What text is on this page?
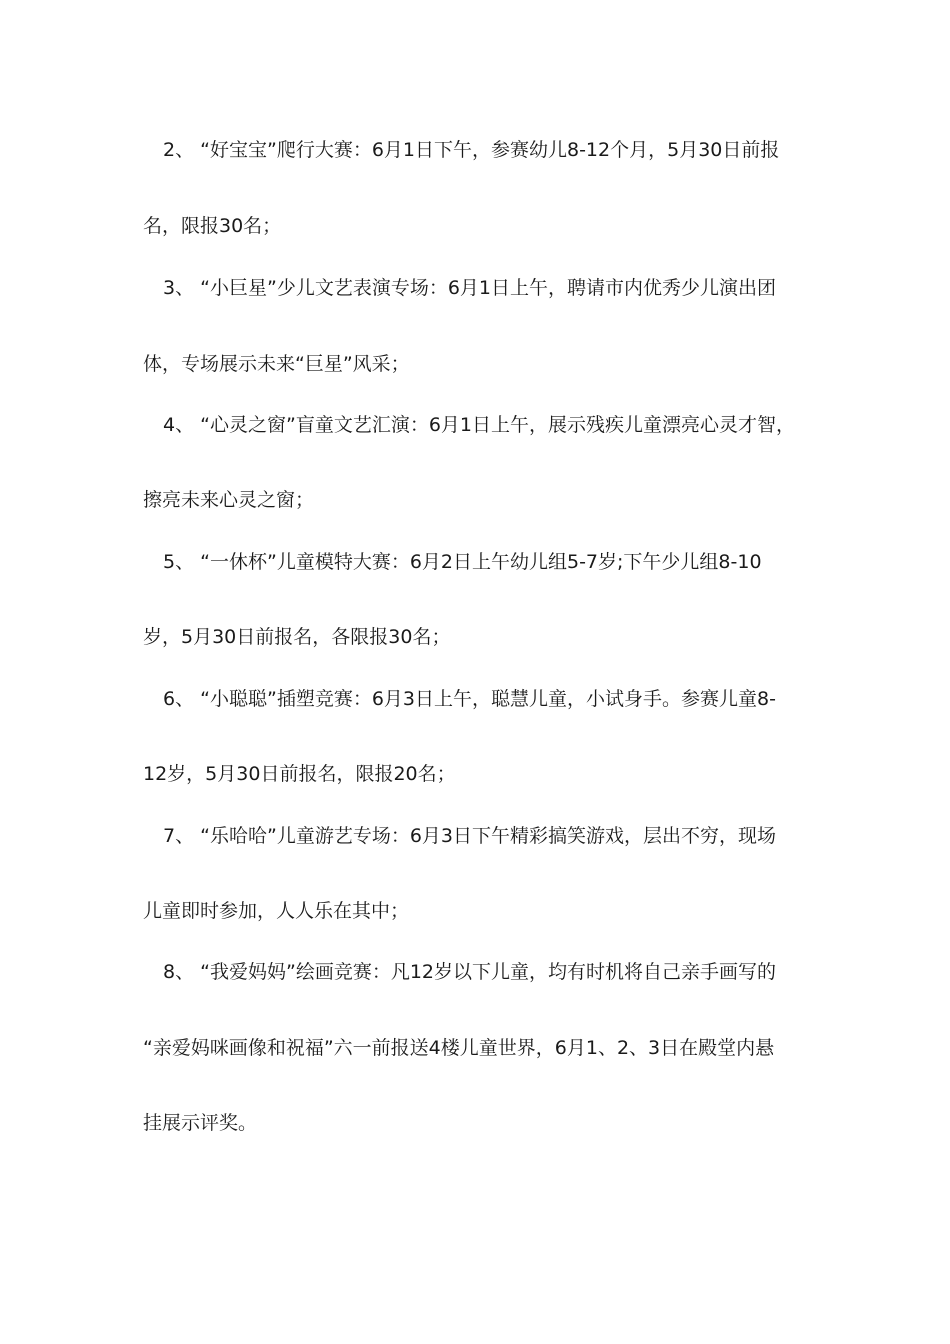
2、 “好宝宝”爬行大赛：6月1日下午，参赛幼儿8-12个月，5月30日前报
名，限报30名；
3、 “小巨星”少儿文艺表演专场：6月1日上午，聘请市内优秀少儿演出团
体，专场展示未来“巨星”风采；
4、 “心灵之窗”盲童文艺汇演：6月1日上午，展示残疾儿童漂亮心灵才智，
擦亮未来心灵之窗；
5、 “一休杯”儿童模特大赛：6月2日上午幼儿组5-7岁;下午少儿组8-10
岁，5月30日前报名，各限报30名；
6、 “小聪聪”插塑竞赛：6月3日上午，聪慧儿童，小试身手。参赛儿童8-
12岁，5月30日前报名，限报20名；
7、 “乐哈哈”儿童游艺专场：6月3日下午精彩搞笑游戏，层出不穷，现场
儿童即时参加，人人乐在其中；
8、 “我爱妈妈”绘画竞赛：凡12岁以下儿童，均有时机将自己亲手画写的
“亲爱妈咪画像和祝福”六一前报送4楼儿童世界，6月1、2、3日在殿堂内悬
挂展示评奖。
